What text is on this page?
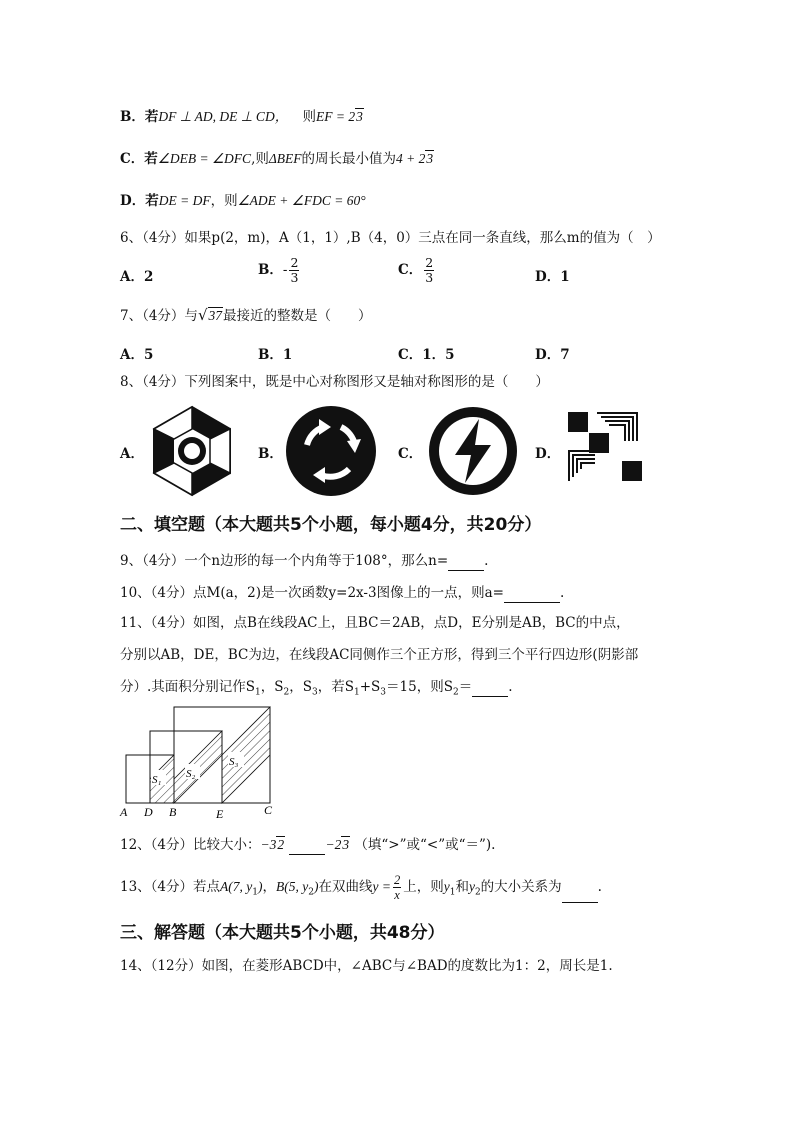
B．若DF ⊥ AD, DE ⊥ CD， 则EF = 23
C．若∠DEB = ∠DFC,则ΔBEF的周长最小值为4 + 23
D．若DE = DF，则∠ADE + ∠FDC = 60°
6、（4分）如果p(2，m)，A（1，1）,B（4，0）三点在同一条直线，那么m的值为（　）
A．2	B．- $\frac{2}{3}$	C． $\frac{2}{3}$	D．1
7、（4分）与√37最接近的整数是（　　）
A．5	B．1	C．1．5	D．7
8、（4分）下列图案中，既是中心对称图形又是轴对称图形的是（　　）
A．	B．	C．	D．
二、填空题（本大题共5个小题，每小题4分，共20分）
9、（4分）一个n边形的每一个内角等于108°，那么n=	.
10、（4分）点M(a，2)是一次函数y=2x-3图像上的一点，则a=	.
11、（4分）如图，点B在线段AC上，且BC＝2AB，点D，E分别是AB，BC的中点，
分别以AB，DE，BC为边，在线段AC同侧作三个正方形，得到三个平行四边形(阴影部
分）.其面积分别记作$S_1$，$S_2$，$S_3$，若$S_1+S_3=15$，则$S_2=$	.
S₁ S₂
S₃
A D B	E	C
12、（4分）比较大小：−32	−23 （填“>”或“<”或“＝”).
13、（4分）若点A(7, $y_1$)，B(5, $y_2$)在双曲线$y = \frac{2}{x}$ 上，则$y_1$和$y_2$的大小关系为	.
三、解答题（本大题共5个小题，共48分）
14、（12分）如图，在菱形ABCD中，∠ABC与∠BAD的度数比为1：2，周长是1.
